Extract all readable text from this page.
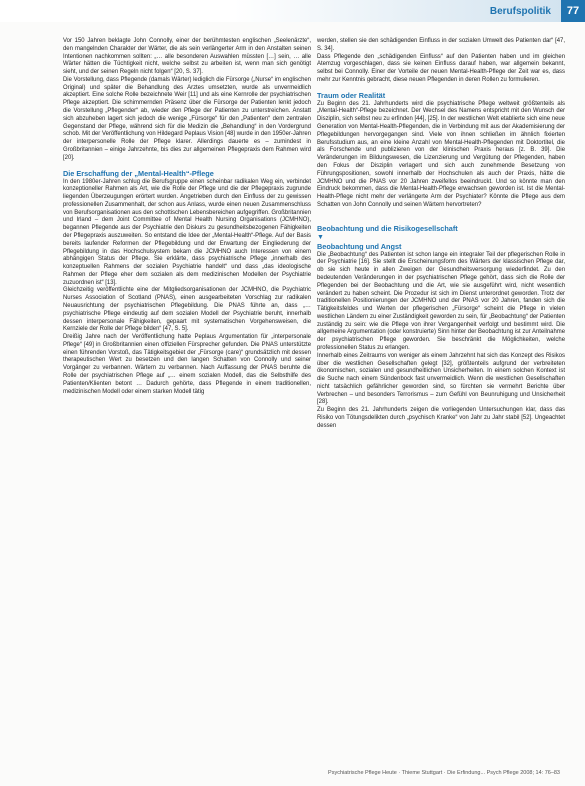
Berufspolitik	77

Vor 150 Jahren beklagte John Connolly, einer der berühmtesten englischen „Seelenärzte“, den mangelnden Charakter der Wärter, die als sein verlängerter Arm in den Anstalten seinen Intentionen nachkommen sollten: „… alle besonderen Auswahlen müssten […] sein, … alle Wärter hätten die Tüchtigkeit nicht, welche selbst zu arbeiten ist, wenn man sich genötigt sieht, und der seinen Regeln nicht folgen“ [20, S. 37].

Die Vorstellung, dass Pflegende (damals Wärter) lediglich die Fürsorge („Nurse“ im englischen Original) und später die Behandlung des Arztes umsetzten, wurde als unvermeidlich akzeptiert. Eine solche Rolle bezeichnete Weir [11] und als eine Kernrolle der psychiatrischen Pflege akzeptiert. Die schimmernden Präsenz über die Fürsorge der Patienten lenkt jedoch die Vorstellung „Pflegender“ ab, wieder den Pflege der Patienten zu unterstreichen. Anstatt sich abzuheben lagert sich jedoch die wenige „Fürsorge“ für den „Patienten“ dem zentralen Gegenstand der Pflege, während sich für die Medizin die „Behandlung“ in den Vordergrund schob. Mit der Veröffentlichung von Hildegard Peplaus Vision [48] wurde in den 1950er-Jahren der interpersonelle Rolle der Pflege klarer. Allerdings dauerte es – zumindest in Großbritannien – einige Jahrzehnte, bis dies zur allgemeinen Pflegepraxis dem Rahmen wird [20].

Die Erschaffung der „Mental-Health“-Pflege

In den 1980er-Jahren schlug die Berufsgruppe einen scheinbar radikalen Weg ein, verbindet konzeptioneller Rahmen als Art, wie die Rolle der Pflege und die der Pflegepraxis zugrunde liegenden Überzeugungen erörtert wurden. Angetrieben durch den Einfluss der zu gewissen professionellen Zusammenhalt, der schon aus Anlass, wurde einen neuen Zusammenschluss von Berufsorganisationen aus den schottischen Lebensbereichen aufgegriffen. Großbritannien und Irland – dem Joint Committee of Mental Health Nursing Organisations (JCMHNO), begannen Pflegende aus der Psychiatrie den Diskurs zu gesundheitsbezogenen Fähigkeiten der Pflegepraxis auszuweiten. So entstand die Idee der „Mental-Health“-Pflege. Auf der Basis bereits laufender Reformen der Pflegebildung und der Erwartung der Eingliederung der Pflegebildung in das Hochschulsystem bekam die JCMHNO auch Interessen von einem abhängigen Status der Pflege. Sie erklärte, dass psychiatrische Pflege „innerhalb des konzeptuellen Rahmens der sozialen Psychiatrie handelt“ und dass „das ideologische Rahmen der Pflege eher dem sozialen als dem medizinischen Modellen der Psychiatrie zuzuordnen ist“ [13].

Gleichzeitig veröffentlichte eine der Mitgliedsorganisationen der JCMHNO, die Psychiatric Nurses Association of Scotland (PNAS), einen ausgearbeiteten Vorschlag zur radikalen Neuausrichtung der psychiatrischen Pflegebildung. Die PNAS führte an, dass „… psychiatrische Pflege eindeutig auf dem sozialen Modell der Psychiatrie beruht, innerhalb dessen interpersonale Fähigkeiten, gepaart mit systematischen Vorgehensweisen, die Kernziele der Rolle der Pflege bilden“ [47, S. 5].

Dreißig Jahre nach der Veröffentlichung hatte Peplaus Argumentation für „interpersonale Pflege“ [49] in Großbritannien einen offiziellen Fürsprecher gefunden. Die PNAS unterstützte einen führenden Vorstoß, das Tätigkeitsgebiet der „Fürsorge (care)“ grundsätzlich mit dessen therapeutischen Wert zu besetzen und den langen Schatten von Connolly und seiner Vorgänger zu verbannen. Wärtern zu verbannen. Nach Auffassung der PNAS beruhte die Rolle der psychiatrischen Pflege auf „… einem sozialen Modell, das die Selbsthilfe des Patienten/Klienten betont … Dadurch gehörte, dass Pflegende in einem traditionellen, medizinischen Modell oder einem starken Modell tätig

werden, stellen sie den schädigenden Einfluss in der sozialen Umwelt des Patienten dar“ [47, S. 34].

Dass Pflegende den „schädigenden Einfluss“ auf den Patienten haben und im gleichen Atemzug vorgeschlagen, dass sie keinen Einfluss darauf haben, war allgemein bekannt, selbst bei Connolly. Einer der Vorteile der neuen Mental-Health-Pflege der Zeit war es, dass mehr zur Kenntnis gebracht, diese neuen Pflegenden in deren Rollen zu formulieren.

Traum oder Realität

Zu Beginn des 21. Jahrhunderts wird die psychiatrische Pflege weltweit größtenteils als „Mental-Health“-Pflege bezeichnet. Der Wechsel des Namens entspricht mit den Wunsch der Disziplin, sich selbst neu zu erfinden [44], [25]. In der westlichen Welt etablierte sich eine neue Generation von Mental-Health-Pflegenden, die in Verbindung mit aus der Akademisierung der Pflegebildungen hervorgegangen sind. Viele von ihnen schließen im ähnlich fixierten Berufsstudium aus, an eine kleine Anzahl von Mental-Health-Pflegenden mit Doktortitel, die als Forschende und publizieren von der klinischen Praxis heraus [z. B. 39]. Die Veränderungen im Bildungswesen, die Lizenzierung und Vergütung der Pflegenden, haben den Fokus der Disziplin verlagert und sich auch zunehmende Besetzung von Führungspositionen, sowohl innerhalb der Hochschulen als auch der Praxis, hätte die JCMHNO und die PNAS vor 20 Jahren zweifellos beeindruckt. Und so könnte man den Eindruck bekommen, dass die Mental-Health-Pflege erwachsen geworden ist. Ist die Mental-Health-Pflege nicht mehr der verlängerte Arm der Psychiater? Könnte die Pflege aus dem Schatten von John Connolly und seinen Wärtern hervortreten?

Beobachtung und die Risikogesellschaft
▼
Beobachtung und Angst

Die „Beobachtung“ des Patienten ist schon lange ein integraler Teil der pflegerischen Rolle in der Psychiatrie [16]. Sie stellt die Erscheinungsform des Wärters der klassischen Pflege dar, ob sie sich heute in allen Zweigen der Gesundheitsversorgung wiederfindet. Zu den bedeutenden Veränderungen in der psychiatrischen Pflege gehört, dass sich die Rolle der Pflegenden bei der Beobachtung und die Art, wie sie ausgeführt wird, nicht wesentlich verändert zu haben scheint. Die Prozedur ist sich im Dienst unterordnet geworden. Trotz der traditionellen Positionierungen der JCMHNO und der PNAS vor 20 Jahren, fanden sich die Tätigkeitsfeldes und Werten der pflegerischen „Fürsorge“ scheint die Pflege in vielen westlichen Ländern zu einer Zuständigkeit geworden zu sein, für „Beobachtung“ der Patienten zuständig zu sein: wie die Pflege von ihrer Vergangenheit verfolgt und bestimmt wird. Die allgemeine Argumentation (oder konstruierte) Sinn hinter der Beobachtung ist zur Anteilnahme der psychiatrischen Pflege geworden. Sie beschränkt die Möglichkeiten, welche professionellen Status zu erlangen.

Innerhalb eines Zeitraums von weniger als einem Jahrzehnt hat sich das Konzept des Risikos über die westlichen Gesellschaften gelegt [32], größtenteils aufgrund der verbreiteten ökonomischen, sozialen und gesundheitlichen Unsicherheiten. In einem solchen Kontext ist die Suche nach einem Sündenbock fast unvermeidlich. Wenn die westlichen Gesellschaften nicht tatsächlich gefährlicher geworden sind, so fürchten sie vermehrt Berichte über Verbrechen – und besonders Terrorismus – zum Gefühl von Beunruhigung und Unsicherheit [28].

Zu Beginn des 21. Jahrhunderts zeigen die vorliegenden Untersuchungen klar, dass das Risiko von Tötungsdelikten durch „psychisch Kranke“ von Jahr zu Jahr stabil [52]. Ungeachtet dessen

Psychiatrische Pflege Heute · Thieme Stuttgart · Die Erfindung... Psych Pflege 2008; 14: 76–83
